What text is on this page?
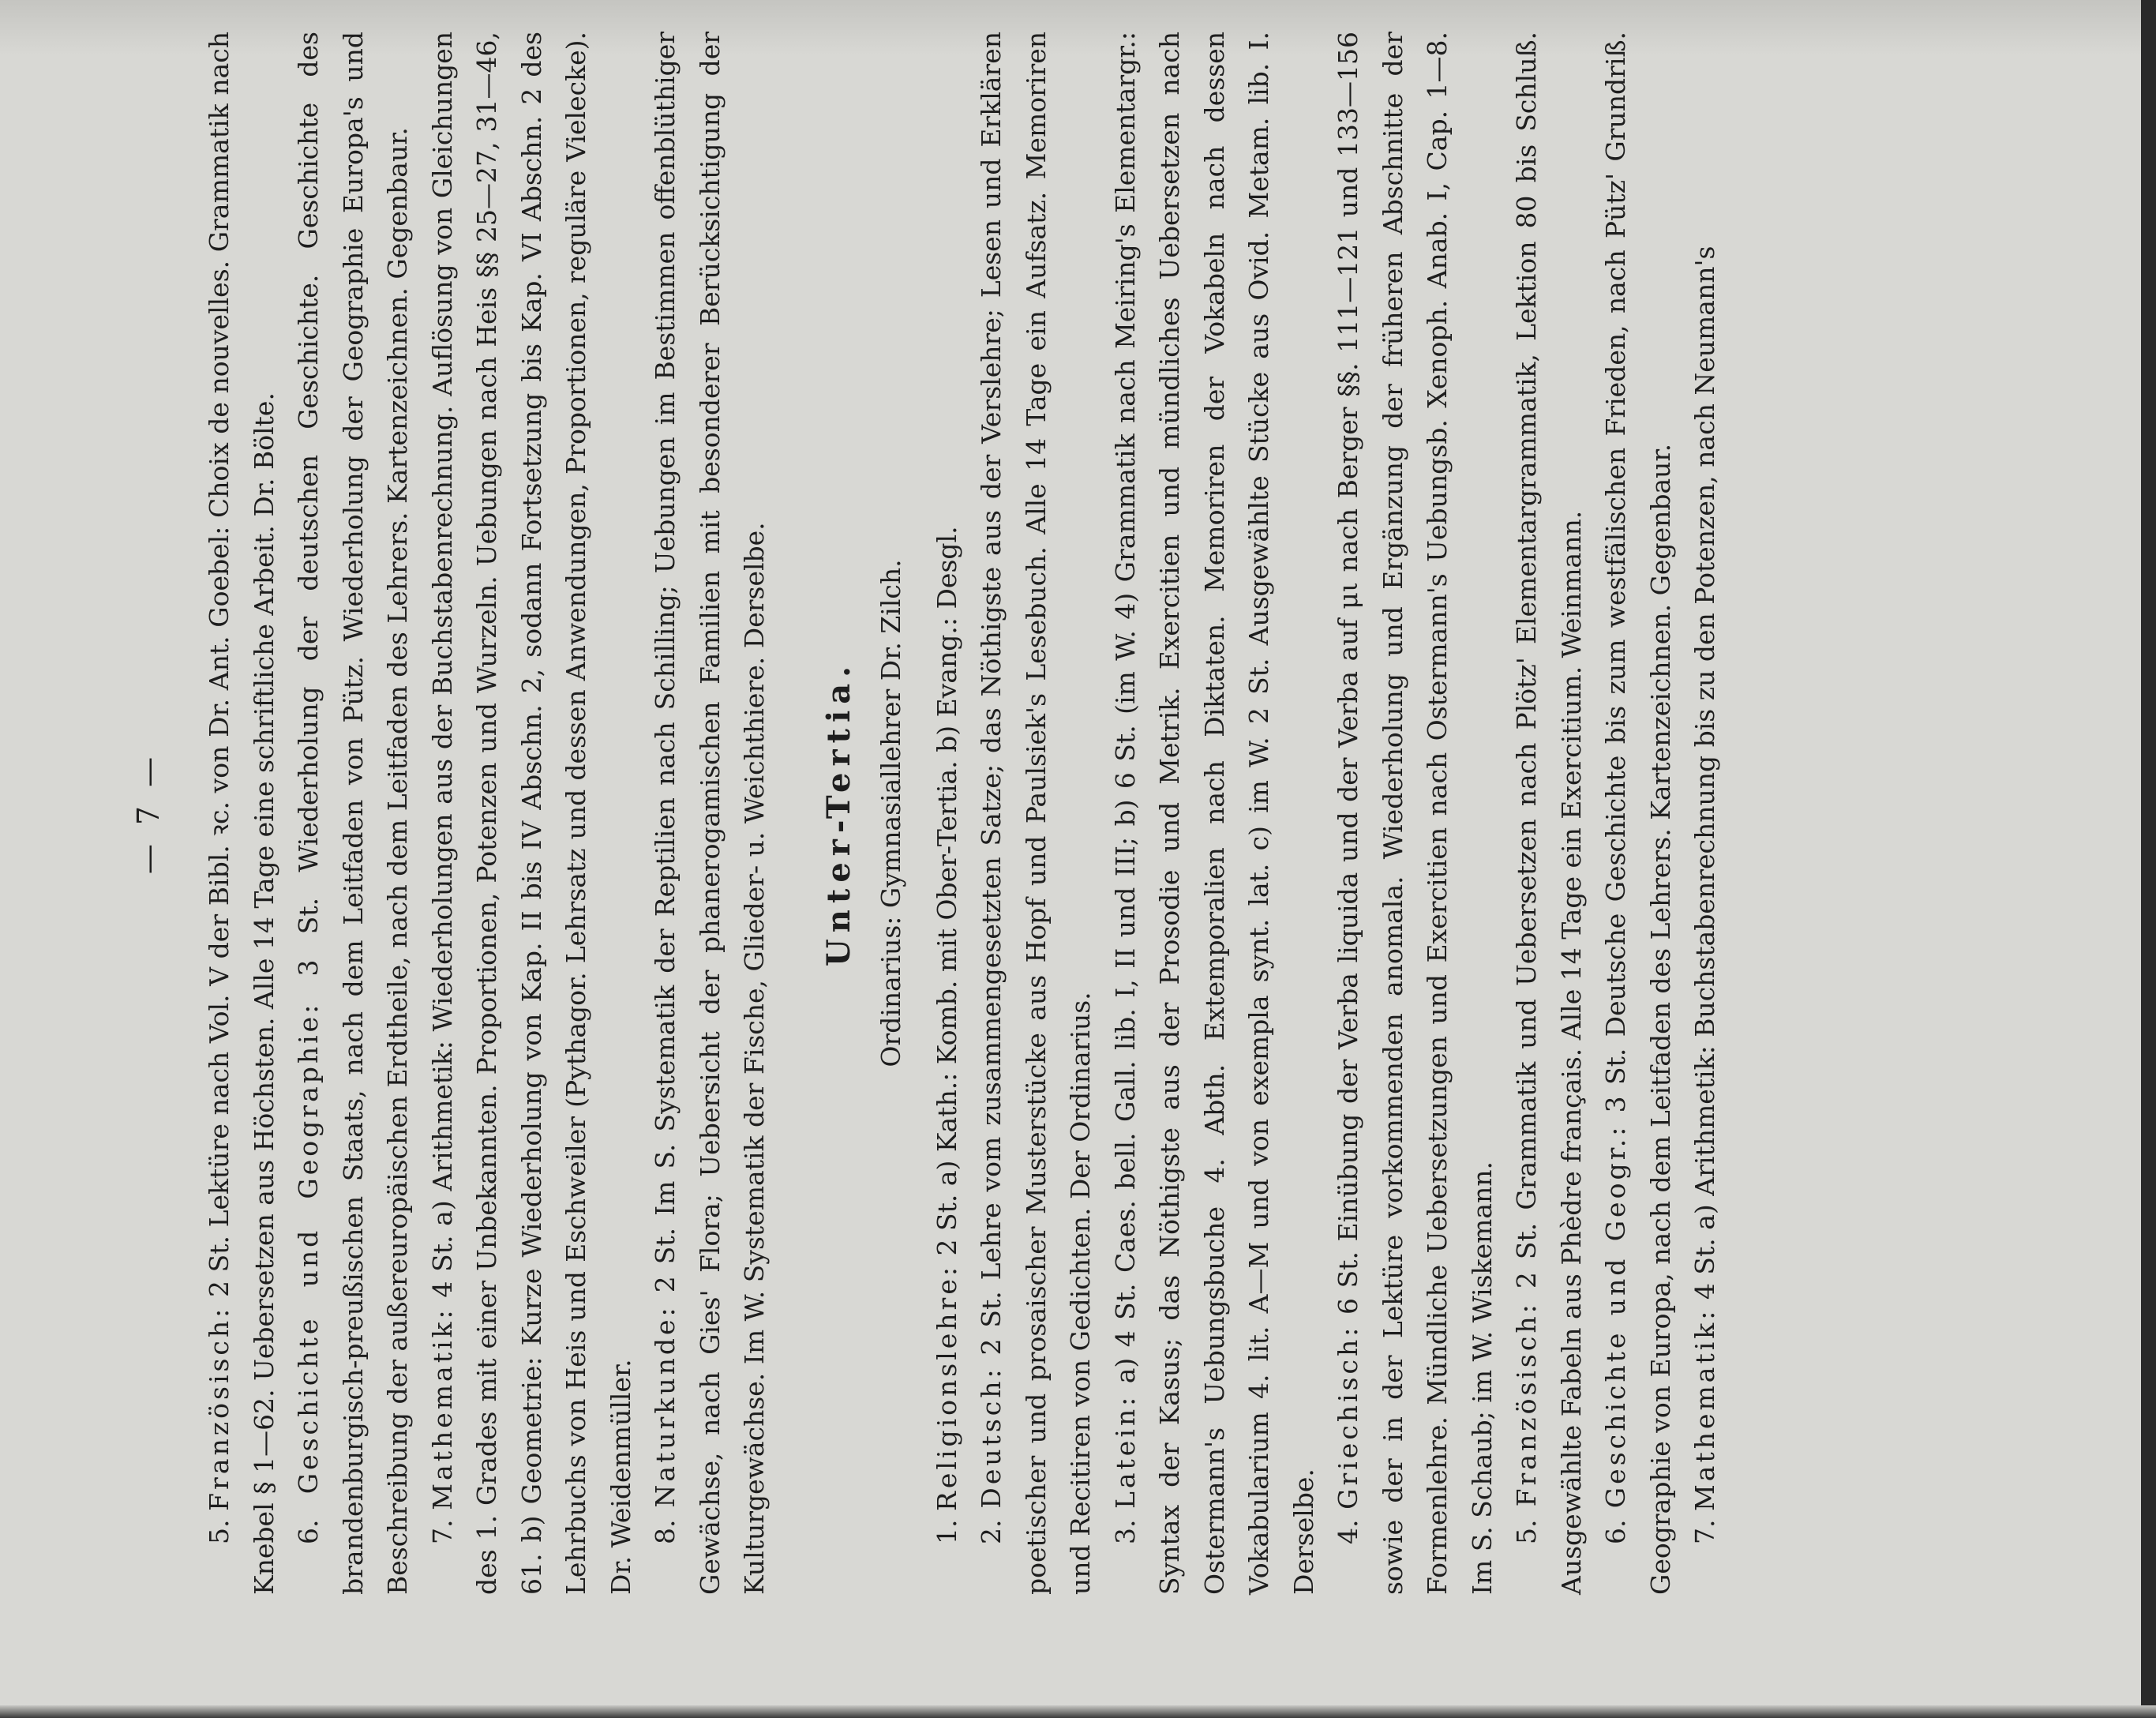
— 7 —

5. Französisch: 2 St. Lektüre nach Vol. V der Bibl. ꝛc. von Dr. Ant. Goebel: Choix de nouvelles. Grammatik nach Knebel § 1—62. Uebersetzen aus Höchsten. Alle 14 Tage eine schriftliche Arbeit. Dr. Bölte. 6. Geschichte und Geographie: 3 St. Wiederholung der deutschen Geschichte. Geschichte des brandenburgisch-preußischen Staats, nach dem Leitfaden von Pütz. Wiederholung der Geographie Europa's und Beschreibung der außereuropäischen Erdtheile, nach dem Leitfaden des Lehrers. Kartenzeichnen. Gegenbaur. 7. Mathematik: 4 St. a) Arithmetik: Wiederholungen aus der Buchstabenrechnung. Auflösung von Gleichungen des 1. Grades mit einer Unbekannten. Proportionen, Potenzen und Wurzeln. Uebungen nach Heis §§ 25—27, 31—46, 61. b) Geometrie: Kurze Wiederholung von Kap. II bis IV Abschn. 2, sodann Fortsetzung bis Kap. VI Abschn. 2 des Lehrbuchs von Heis und Eschweiler (Pythagor. Lehrsatz und dessen Anwendungen, Proportionen, reguläre Vielecke). Dr. Weidenmüller. 8. Naturkunde: 2 St. Im S. Systematik der Reptilien nach Schilling; Uebungen im Bestimmen offenblüthiger Gewächse, nach Gies' Flora; Uebersicht der phanerogamischen Familien mit besonderer Berücksichtigung der Kulturgewächse. Im W. Systematik der Fische, Glieder- u. Weichthiere. Derselbe. Unter-Tertia. Ordinarius: Gymnasiallehrer Dr. Zilch.

1. Religionslehre: 2 St. a) Kath.: Komb. mit Ober-Tertia. b) Evang.: Desgl.

2. Deutsch: 2 St. Lehre vom zusammengesetzten Satze; das Nöthigste aus der Verslehre; Lesen und Erklären poetischer und prosaischer Musterstücke aus Hopf und Paulsiek's Lesebuch. Alle 14 Tage ein Aufsatz. Memoriren und Recitiren von Gedichten. Der Ordinarius. 3. Latein: a) 4 St. Caes. bell. Gall. lib. I, II und III; b) 6 St. (im W. 4) Grammatik nach Meiring's Elementargr.: Syntax der Kasus; das Nöthigste aus der Prosodie und Metrik. Exercitien und mündliches Uebersetzen nach Ostermann's Uebungsbuche 4. Abth. Extemporalien nach Diktaten. Memoriren der Vokabeln nach dessen Vokabularium 4. lit. A—M und von exempla synt. lat. c) im W. 2 St. Ausgewählte Stücke aus Ovid. Metam. lib. I. Derselbe. 4. Griechisch: 6 St. Einübung der Verba liquida und der Verba auf μι nach Berger §§. 111—121 und 133—156 sowie der in der Lektüre vorkommenden anomala. Wiederholung und Ergänzung der früheren Abschnitte der Formenlehre. Mündliche Uebersetzungen und Exercitien nach Ostermann's Uebungsb. Xenoph. Anab. I, Cap. 1—8. Im S. Schaub; im W. Wiskemann. 5. Französisch: 2 St. Grammatik und Uebersetzen nach Plötz' Elementargrammatik, Lektion 80 bis Schluß. Ausgewählte Fabeln aus Phèdre français. Alle 14 Tage ein Exercitium. Weinmann. 6. Geschichte und Geogr.: 3 St. Deutsche Geschichte bis zum westfälischen Frieden, nach Pütz' Grundriß. Geographie von Europa, nach dem Leitfaden des Lehrers. Kartenzeichnen. Gegenbaur. 7. Mathematik: 4 St. a) Arithmetik: Buchstabenrechnung bis zu den Potenzen, nach Neumann's
